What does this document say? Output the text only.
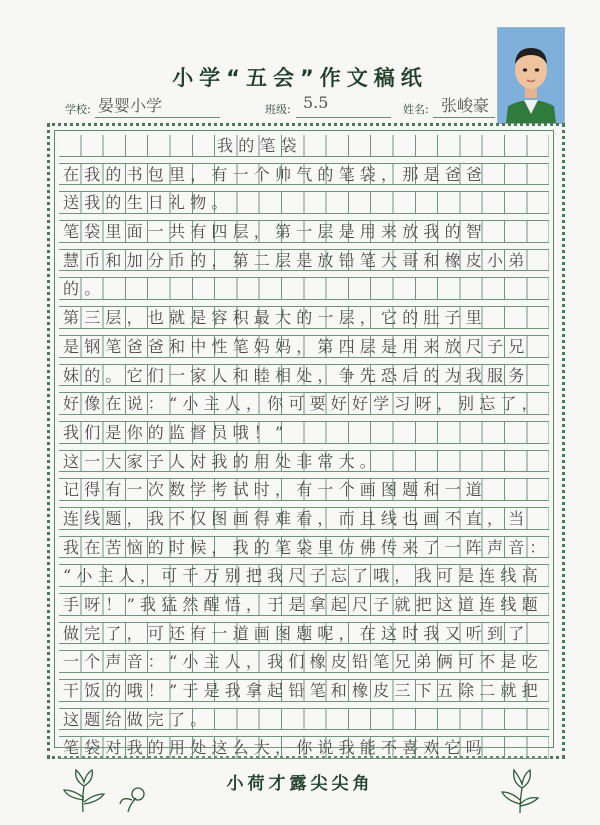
小学“五会”作文稿纸
学校: 晏婴小学	班级: 5.5	姓名: 张峻豪
我的笔袋
在我的书包里，有一个帅气的笔袋，那是爸爸
送我的生日礼物。
笔袋里面一共有四层，第一层是用来放我的智
慧币和加分币的，第二层是放铅笔大哥和橡皮小弟
的。
第三层，也就是容积最大的一层，它的肚子里
是钢笔爸爸和中性笔妈妈，第四层是用来放尺子兄
妹的。它们一家人和睦相处，争先恐后的为我服务
好像在说：“小主人，你可要好好学习呀，别忘了，
我们是你的监督员哦！”
这一大家子人对我的用处非常大。
记得有一次数学考试时，有一个画图题和一道
连线题，我不仅图画得难看，而且线也画不直，当
我在苦恼的时候，我的笔袋里仿佛传来了一阵声音：
“小主人，可千万别把我尺子忘了哦，我可是连线高
手呀！”我猛然醒悟，于是拿起尺子就把这道连线题
做完了，可还有一道画图题呢，在这时我又听到了
一个声音：“小主人，我们橡皮铅笔兄弟俩可不是吃
干饭的哦！”于是我拿起铅笔和橡皮三下五除二就把
这题给做完了。
笔袋对我的用处这么大，你说我能不喜欢它吗
小荷才露尖尖角
